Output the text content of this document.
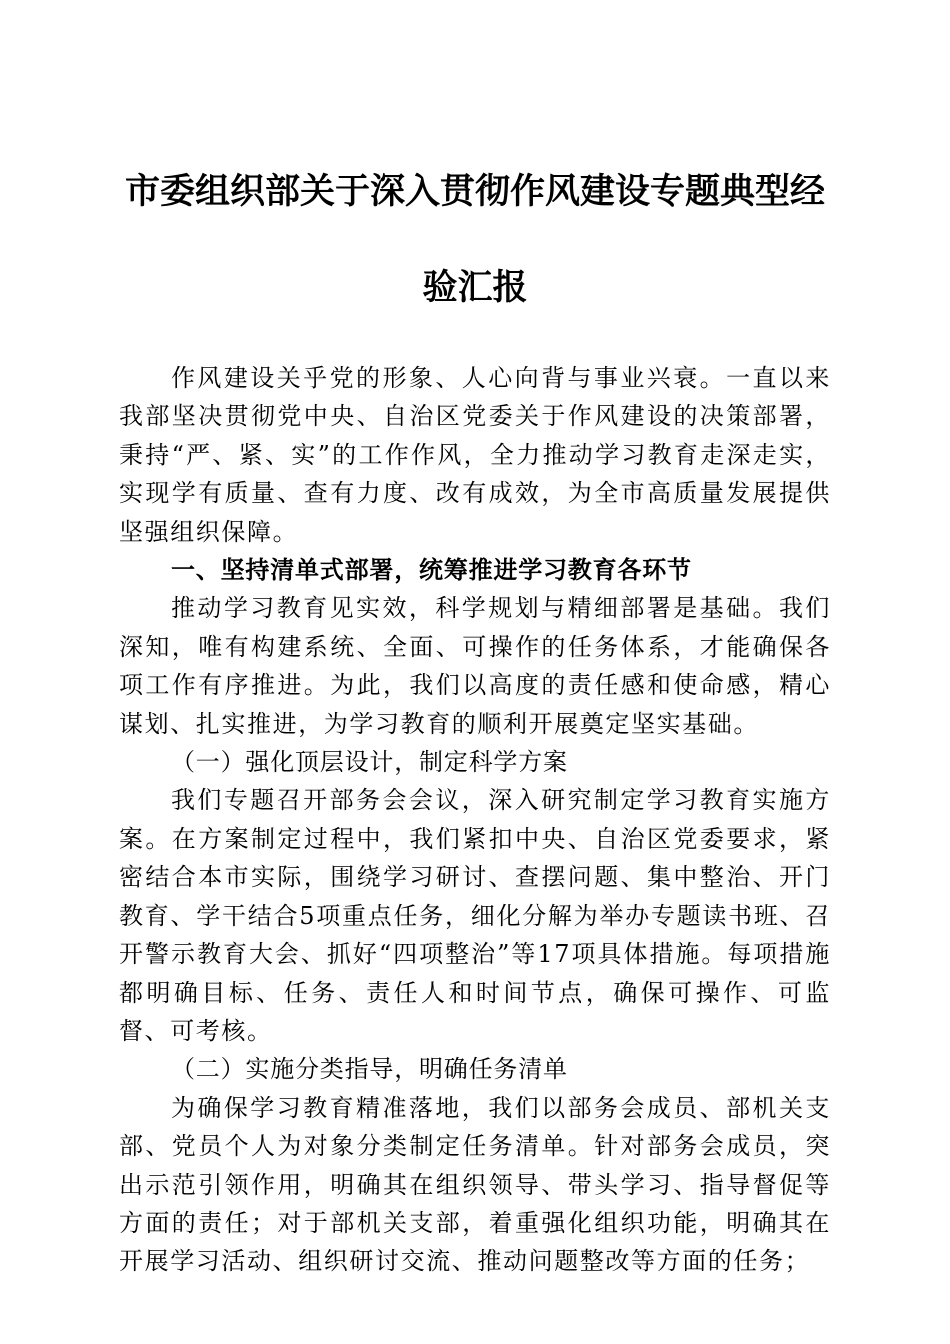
市委组织部关于深入贯彻作风建设专题典型经
验汇报

作风建设关乎党的形象、人心向背与事业兴衰。一直以来我部坚决贯彻党中央、自治区党委关于作风建设的决策部署，秉持“严、紧、实”的工作作风，全力推动学习教育走深走实，实现学有质量、查有力度、改有成效，为全市高质量发展提供坚强组织保障。

一、坚持清单式部署，统筹推进学习教育各环节

推动学习教育见实效，科学规划与精细部署是基础。我们深知，唯有构建系统、全面、可操作的任务体系，才能确保各项工作有序推进。为此，我们以高度的责任感和使命感，精心谋划、扎实推进，为学习教育的顺利开展奠定坚实基础。

（一）强化顶层设计，制定科学方案

我们专题召开部务会会议，深入研究制定学习教育实施方案。在方案制定过程中，我们紧扣中央、自治区党委要求，紧密结合本市实际，围绕学习研讨、查摆问题、集中整治、开门教育、学干结合5项重点任务，细化分解为举办专题读书班、召开警示教育大会、抓好“四项整治”等17项具体措施。每项措施都明确目标、任务、责任人和时间节点，确保可操作、可监督、可考核。

（二）实施分类指导，明确任务清单

为确保学习教育精准落地，我们以部务会成员、部机关支部、党员个人为对象分类制定任务清单。针对部务会成员，突出示范引领作用，明确其在组织领导、带头学习、指导督促等方面的责任；对于部机关支部，着重强化组织功能，明确其在开展学习活动、组织研讨交流、推动问题整改等方面的任务；
